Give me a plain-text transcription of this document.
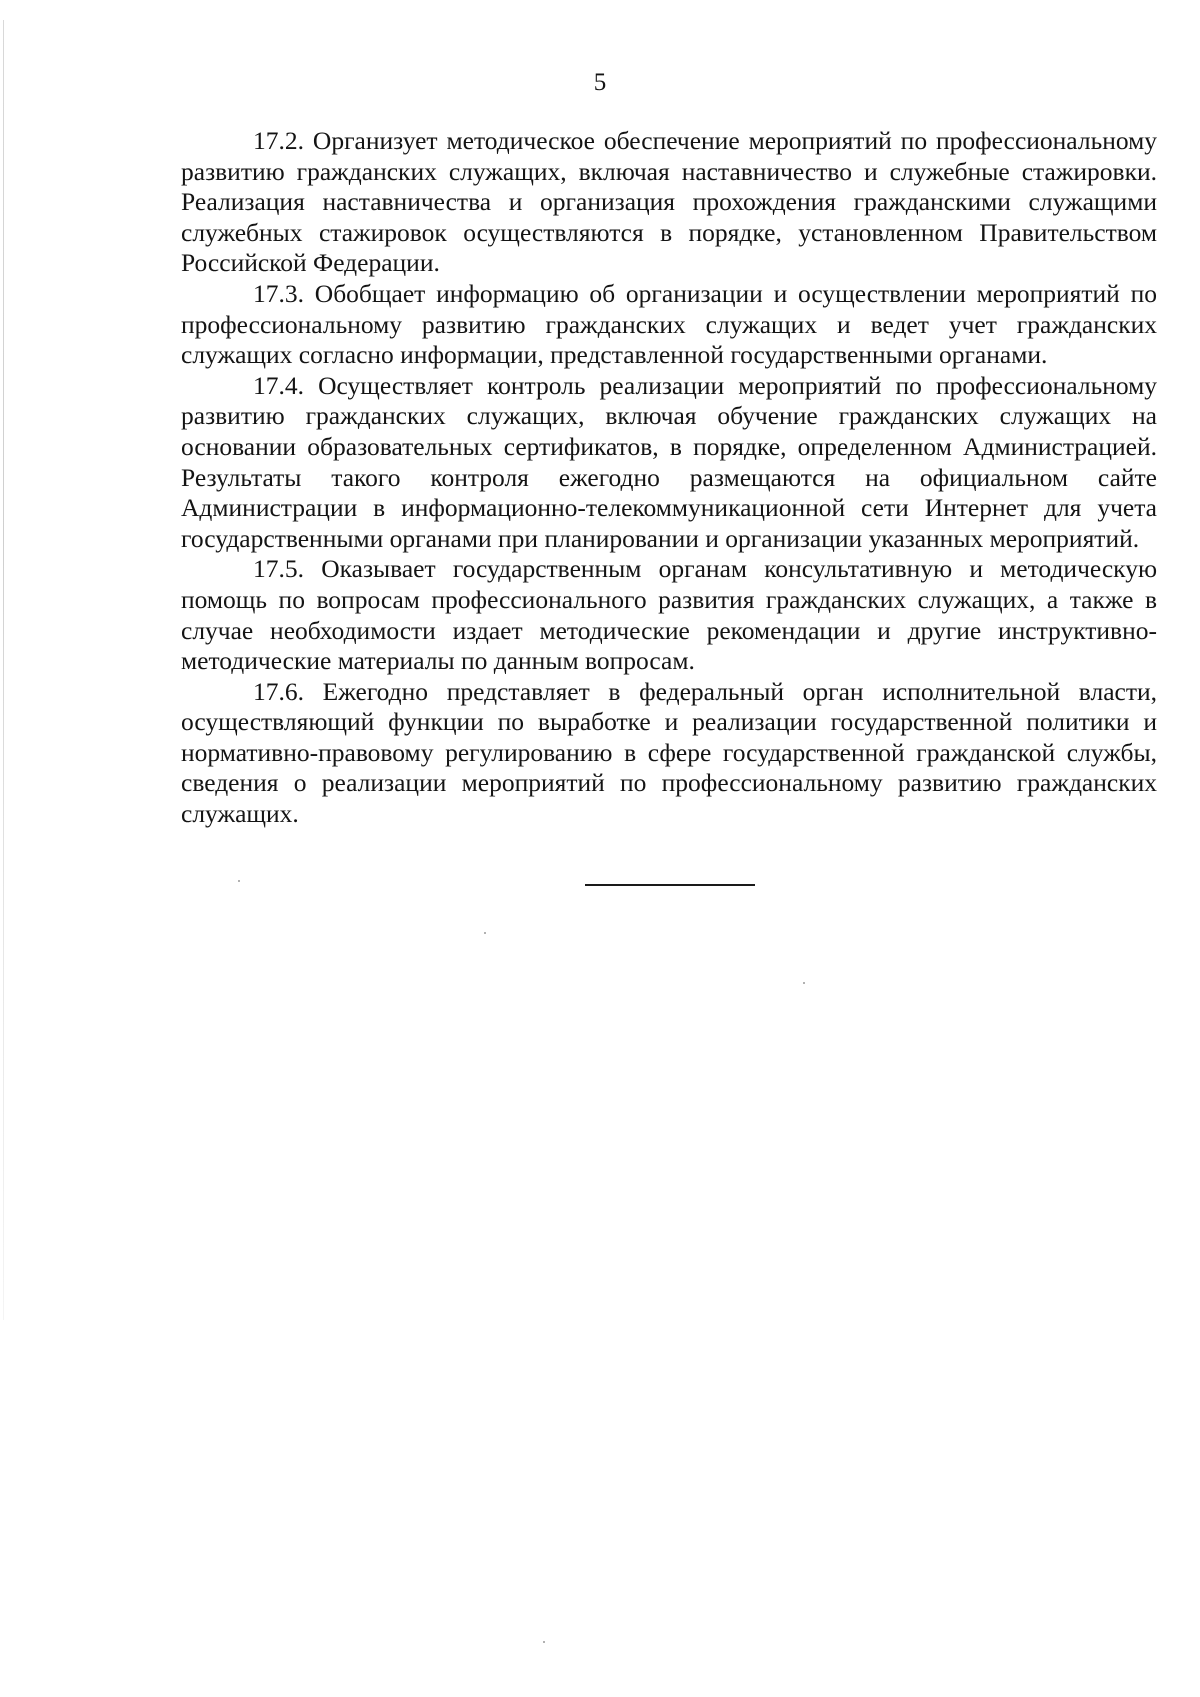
5

17.2. Организует методическое обеспечение мероприятий по профессиональному развитию гражданских служащих, включая наставничество и служебные стажировки. Реализация наставничества и организация прохождения гражданскими служащими служебных стажировок осуществляются в порядке, установленном Правительством Российской Федерации.

17.3. Обобщает информацию об организации и осуществлении мероприятий по профессиональному развитию гражданских служащих и ведет учет гражданских служащих согласно информации, представленной государственными органами.

17.4. Осуществляет контроль реализации мероприятий по профессиональному развитию гражданских служащих, включая обучение гражданских служащих на основании образовательных сертификатов, в порядке, определенном Администрацией. Результаты такого контроля ежегодно размещаются на официальном сайте Администрации в информационно-телекоммуникационной сети Интернет для учета государственными органами при планировании и организации указанных мероприятий.

17.5. Оказывает государственным органам консультативную и методическую помощь по вопросам профессионального развития гражданских служащих, а также в случае необходимости издает методические рекомендации и другие инструктивно-методические материалы по данным вопросам.

17.6. Ежегодно представляет в федеральный орган исполнительной власти, осуществляющий функции по выработке и реализации государственной политики и нормативно-правовому регулированию в сфере государственной гражданской службы, сведения о реализации мероприятий по профессиональному развитию гражданских служащих.
